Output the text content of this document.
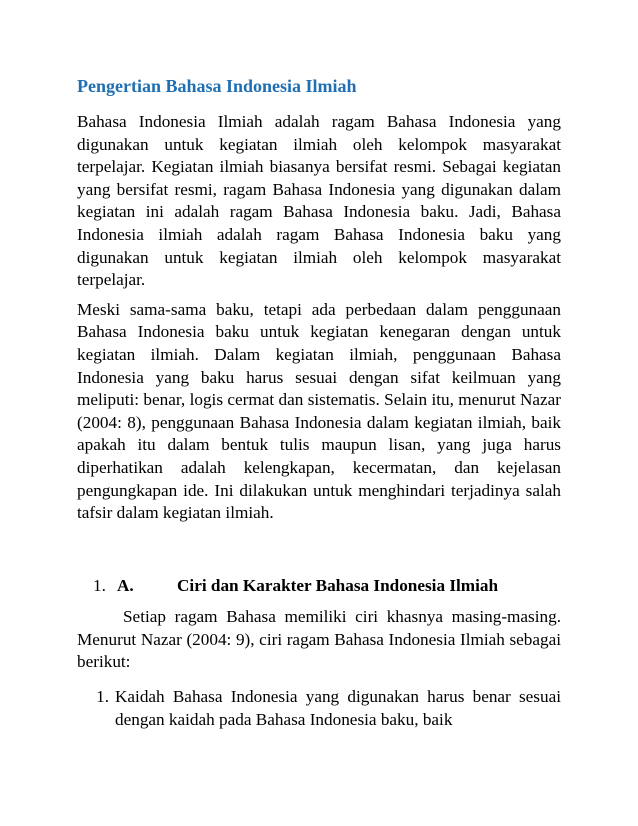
Pengertian Bahasa Indonesia Ilmiah

Bahasa Indonesia Ilmiah adalah ragam Bahasa Indonesia yang digunakan untuk kegiatan ilmiah oleh kelompok masyarakat terpelajar. Kegiatan ilmiah biasanya bersifat resmi. Sebagai kegiatan yang bersifat resmi, ragam Bahasa Indonesia yang digunakan dalam kegiatan ini adalah ragam Bahasa Indonesia baku. Jadi, Bahasa Indonesia ilmiah adalah ragam Bahasa Indonesia baku yang digunakan untuk kegiatan ilmiah oleh kelompok masyarakat terpelajar.

Meski sama-sama baku, tetapi ada perbedaan dalam penggunaan Bahasa Indonesia baku untuk kegiatan kenegaran dengan untuk kegiatan ilmiah. Dalam kegiatan ilmiah, penggunaan Bahasa Indonesia yang baku harus sesuai dengan sifat keilmuan yang meliputi: benar, logis cermat dan sistematis. Selain itu, menurut Nazar (2004: 8), penggunaan Bahasa Indonesia dalam kegiatan ilmiah, baik apakah itu dalam bentuk tulis maupun lisan, yang juga harus diperhatikan adalah kelengkapan, kecermatan, dan kejelasan pengungkapan ide. Ini dilakukan untuk menghindari terjadinya salah tafsir dalam kegiatan ilmiah.

1. A.	Ciri dan Karakter Bahasa Indonesia Ilmiah

Setiap ragam Bahasa memiliki ciri khasnya masing-masing. Menurut Nazar (2004: 9), ciri ragam Bahasa Indonesia Ilmiah sebagai berikut:

1. Kaidah Bahasa Indonesia yang digunakan harus benar sesuai dengan kaidah pada Bahasa Indonesia baku, baik
